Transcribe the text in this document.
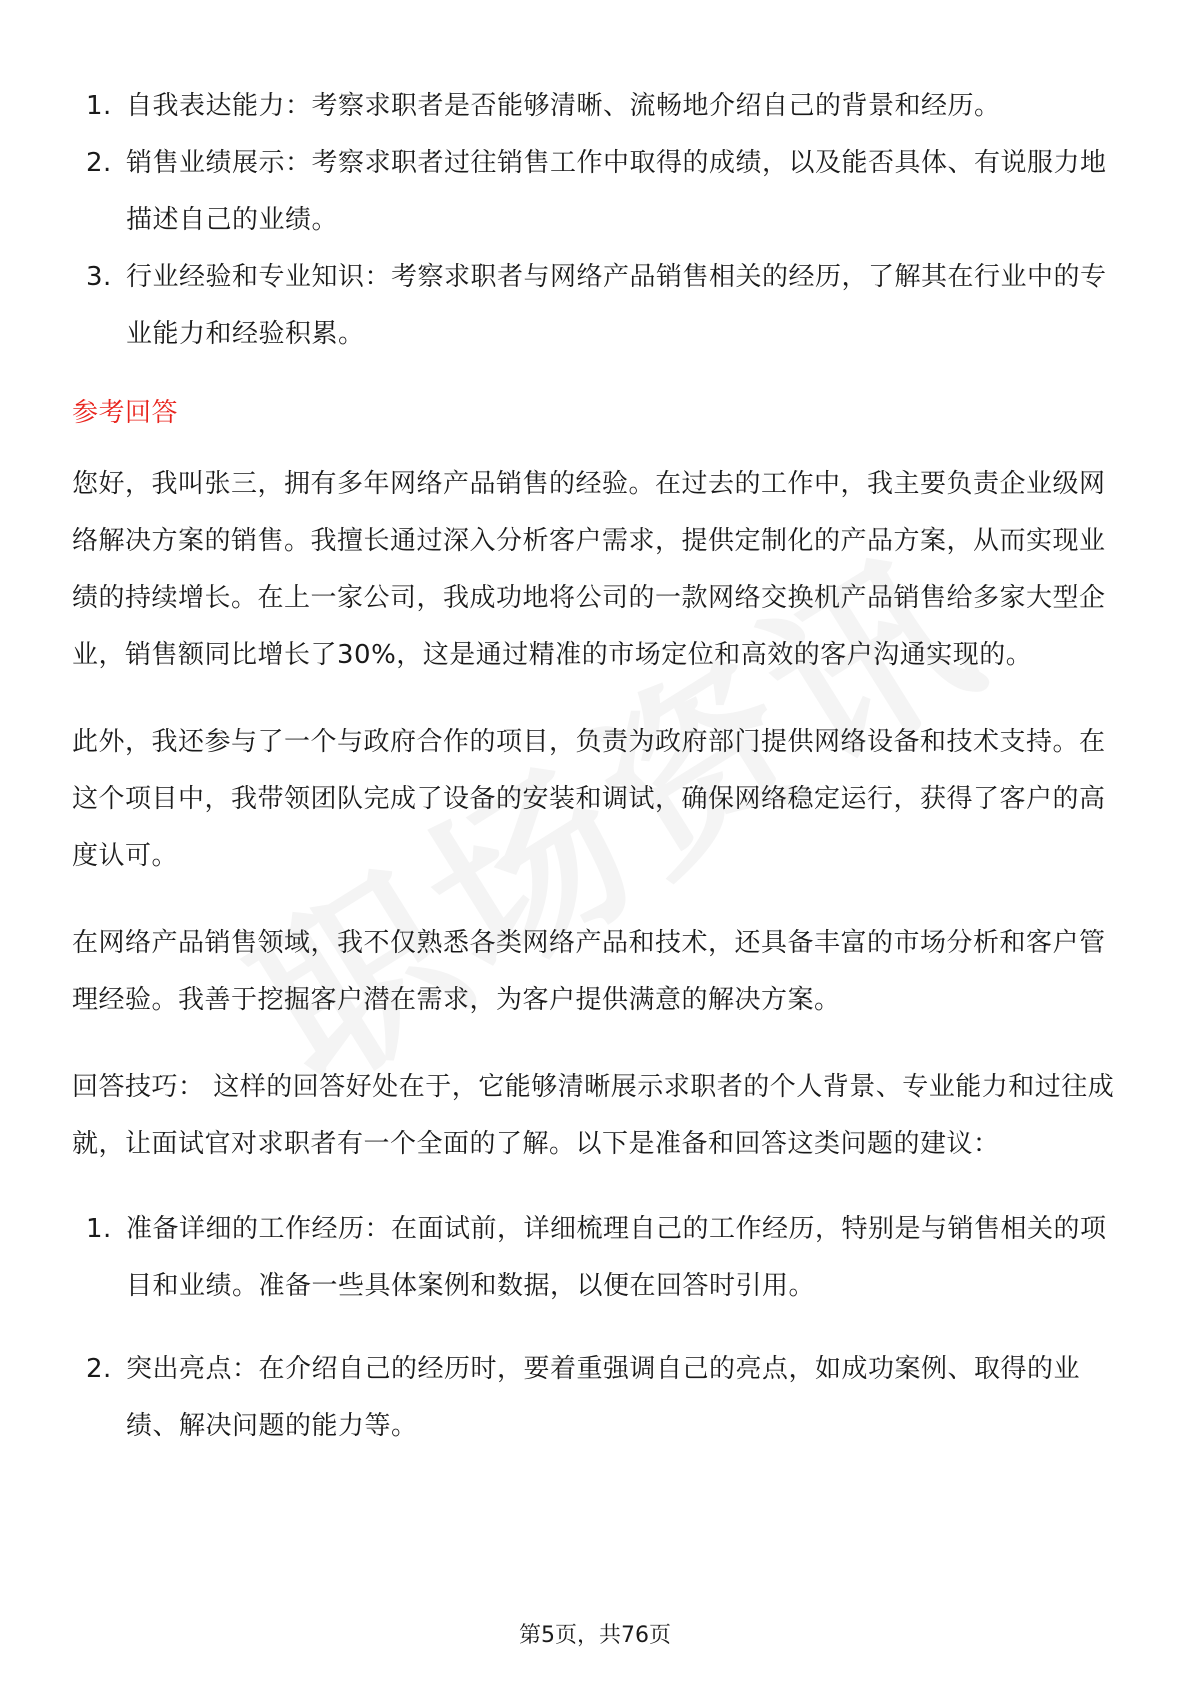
1. 自我表达能力：考察求职者是否能够清晰、流畅地介绍自己的背景和经历。
2. 销售业绩展示：考察求职者过往销售工作中取得的成绩，以及能否具体、有说服力地描述自己的业绩。
3. 行业经验和专业知识：考察求职者与网络产品销售相关的经历，了解其在行业中的专业能力和经验积累。
参考回答

您好，我叫张三，拥有多年网络产品销售的经验。在过去的工作中，我主要负责企业级网络解决方案的销售。我擅长通过深入分析客户需求，提供定制化的产品方案，从而实现业绩的持续增长。在上一家公司，我成功地将公司的一款网络交换机产品销售给多家大型企业，销售额同比增长了30%，这是通过精准的市场定位和高效的客户沟通实现的。

此外，我还参与了一个与政府合作的项目，负责为政府部门提供网络设备和技术支持。在这个项目中，我带领团队完成了设备的安装和调试，确保网络稳定运行，获得了客户的高度认可。

在网络产品销售领域，我不仅熟悉各类网络产品和技术，还具备丰富的市场分析和客户管理经验。我善于挖掘客户潜在需求，为客户提供满意的解决方案。

回答技巧： 这样的回答好处在于，它能够清晰展示求职者的个人背景、专业能力和过往成就，让面试官对求职者有一个全面的了解。以下是准备和回答这类问题的建议：

1. 准备详细的工作经历：在面试前，详细梳理自己的工作经历，特别是与销售相关的项目和业绩。准备一些具体案例和数据，以便在回答时引用。
2. 突出亮点：在介绍自己的经历时，要着重强调自己的亮点，如成功案例、取得的业绩、解决问题的能力等。
第5页，共76页
